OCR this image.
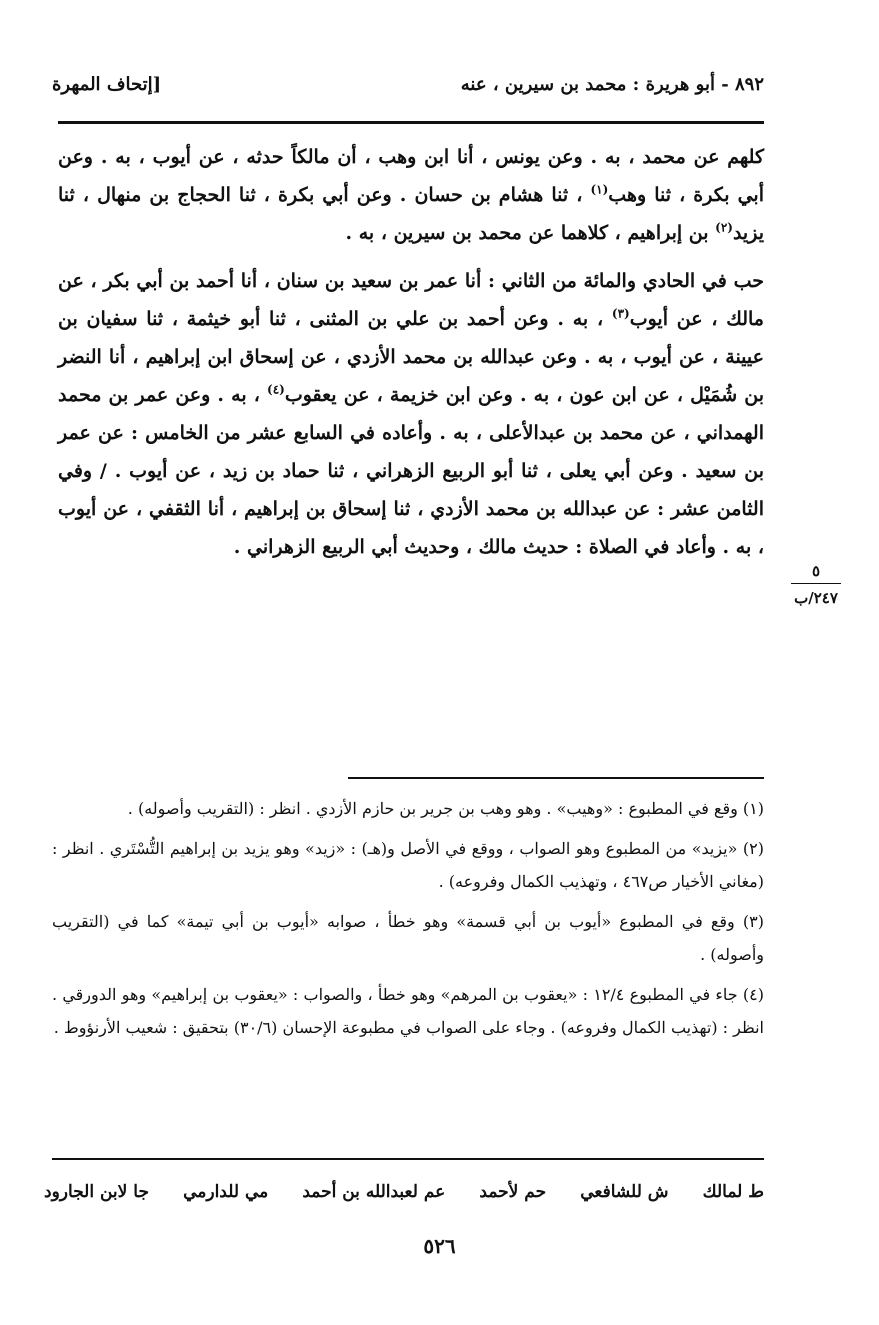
٨٩٢ - أبو هريرة : محمد بن سيرين ، عنه
[إتحاف المهرة

كلهم عن محمد ، به . وعن يونس ، أنا ابن وهب ، أن مالكاً حدثه ، عن أيوب ، به . وعن أبي بكرة ، ثنا وهب$^{(١)}$ ، ثنا هشام بن حسان . وعن أبي بكرة ، ثنا الحجاج بن منهال ، ثنا يزيد$^{(٢)}$ بن إبراهيم ، كلاهما عن محمد بن سيرين ، به .

حب في الحادي والمائة من الثاني : أنا عمر بن سعيد بن سنان ، أنا أحمد بن أبي بكر ، عن مالك ، عن أيوب$^{(٣)}$ ، به . وعن أحمد بن علي بن المثنى ، ثنا أبو خيثمة ، ثنا سفيان بن عيينة ، عن أيوب ، به . وعن عبدالله بن محمد الأزدي ، عن إسحاق ابن إبراهيم ، أنا النضر بن شُمَيْل ، عن ابن عون ، به . وعن ابن خزيمة ، عن يعقوب$^{(٤)}$ ، به . وعن عمر بن محمد الهمداني ، عن محمد بن عبدالأعلى ، به . وأعاده في السابع عشر من الخامس : عن عمر بن سعيد . وعن أبي يعلى ، ثنا أبو الربيع الزهراني ، ثنا حماد بن زيد ، عن أيوب . / وفي الثامن عشر : عن عبدالله بن محمد الأزدي ، ثنا إسحاق بن إبراهيم ، أنا الثقفي ، عن أيوب ، به . وأعاد في الصلاة : حديث مالك ، وحديث أبي الربيع الزهراني .

٥
٢٤٧/ب

(١) وقع في المطبوع : «وهيب» . وهو وهب بن جرير بن حازم الأزدي . انظر : (التقريب وأصوله) .

(٢) «يزيد» من المطبوع وهو الصواب ، ووقع في الأصل و(هـ) : «زيد» وهو يزيد بن إبراهيم التُّسْتَري . انظر : (مغاني الأخيار ص٤٦٧ ، وتهذيب الكمال وفروعه) .

(٣) وقع في المطبوع «أيوب بن أبي قسمة» وهو خطأ ، صوابه «أيوب بن أبي تيمة» كما في (التقريب وأصوله) .

(٤) جاء في المطبوع ١٢/٤ : «يعقوب بن المرهم» وهو خطأ ، والصواب : «يعقوب بن إبراهيم» وهو الدورقي . انظر : (تهذيب الكمال وفروعه) . وجاء على الصواب في مطبوعة الإحسان (٣٠/٦) بتحقيق : شعيب الأرنؤوط .

ط لمالك
ش للشافعي
حم لأحمد
عم لعبدالله بن أحمد
مي للدارمي
جا لابن الجارود
٥٢٦
